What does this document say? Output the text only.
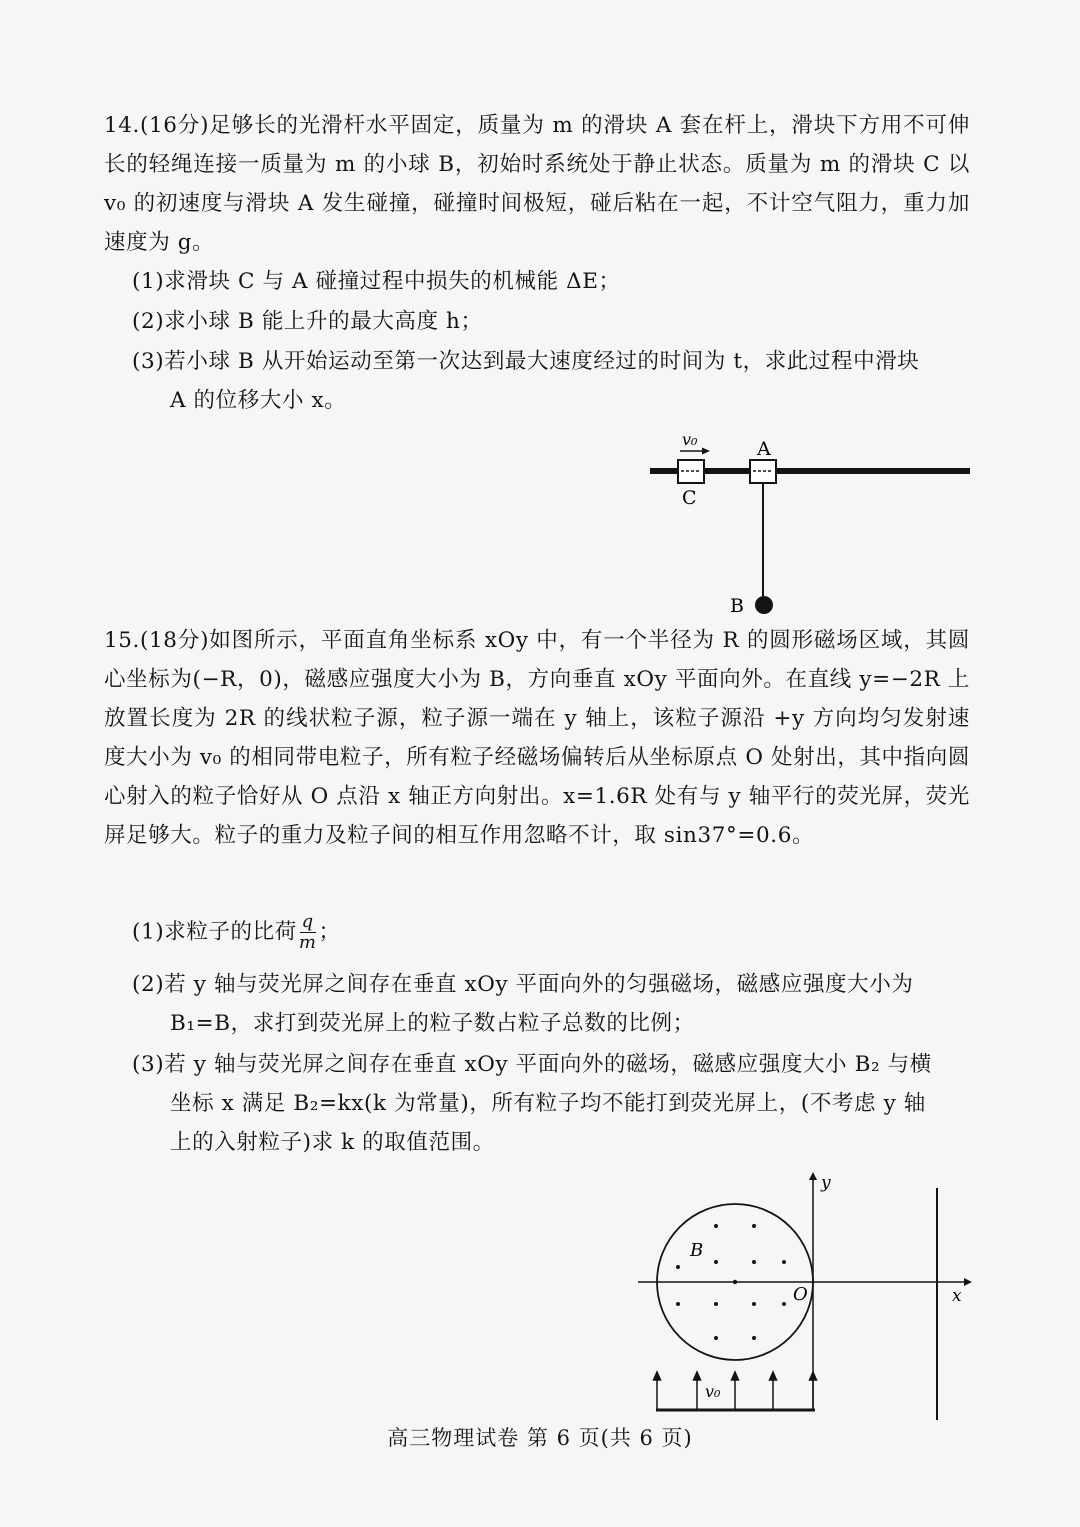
14.(16分)足够长的光滑杆水平固定，质量为 m 的滑块 A 套在杆上，滑块下方用不可伸长的轻绳连接一质量为 m 的小球 B，初始时系统处于静止状态。质量为 m 的滑块 C 以 v₀ 的初速度与滑块 A 发生碰撞，碰撞时间极短，碰后粘在一起，不计空气阻力，重力加速度为 g。

(1)求滑块 C 与 A 碰撞过程中损失的机械能 ΔE；

(2)求小球 B 能上升的最大高度 h；

(3)若小球 B 从开始运动至第一次达到最大速度经过的时间为 t，求此过程中滑块
A 的位移大小 x。

v₀	A
C
B

15.(18分)如图所示，平面直角坐标系 xOy 中，有一个半径为 R 的圆形磁场区域，其圆心坐标为(−R，0)，磁感应强度大小为 B，方向垂直 xOy 平面向外。在直线 y=−2R 上放置长度为 2R 的线状粒子源，粒子源一端在 y 轴上，该粒子源沿 +y 方向均匀发射速度大小为 v₀ 的相同带电粒子，所有粒子经磁场偏转后从坐标原点 O 处射出，其中指向圆心射入的粒子恰好从 O 点沿 x 轴正方向射出。x=1.6R 处有与 y 轴平行的荧光屏，荧光屏足够大。粒子的重力及粒子间的相互作用忽略不计，取 sin37°=0.6。

(1)求粒子的比荷 $\frac{q}{m}$ ；

(2)若 y 轴与荧光屏之间存在垂直 xOy 平面向外的匀强磁场，磁感应强度大小为
B₁=B，求打到荧光屏上的粒子数占粒子总数的比例；

(3)若 y 轴与荧光屏之间存在垂直 xOy 平面向外的磁场，磁感应强度大小 B₂ 与横
坐标 x 满足 B₂=kx(k 为常量)，所有粒子均不能打到荧光屏上，(不考虑 y 轴
上的入射粒子)求 k 的取值范围。

y
x
O
B
v₀
高三物理试卷 第 6 页(共 6 页)
